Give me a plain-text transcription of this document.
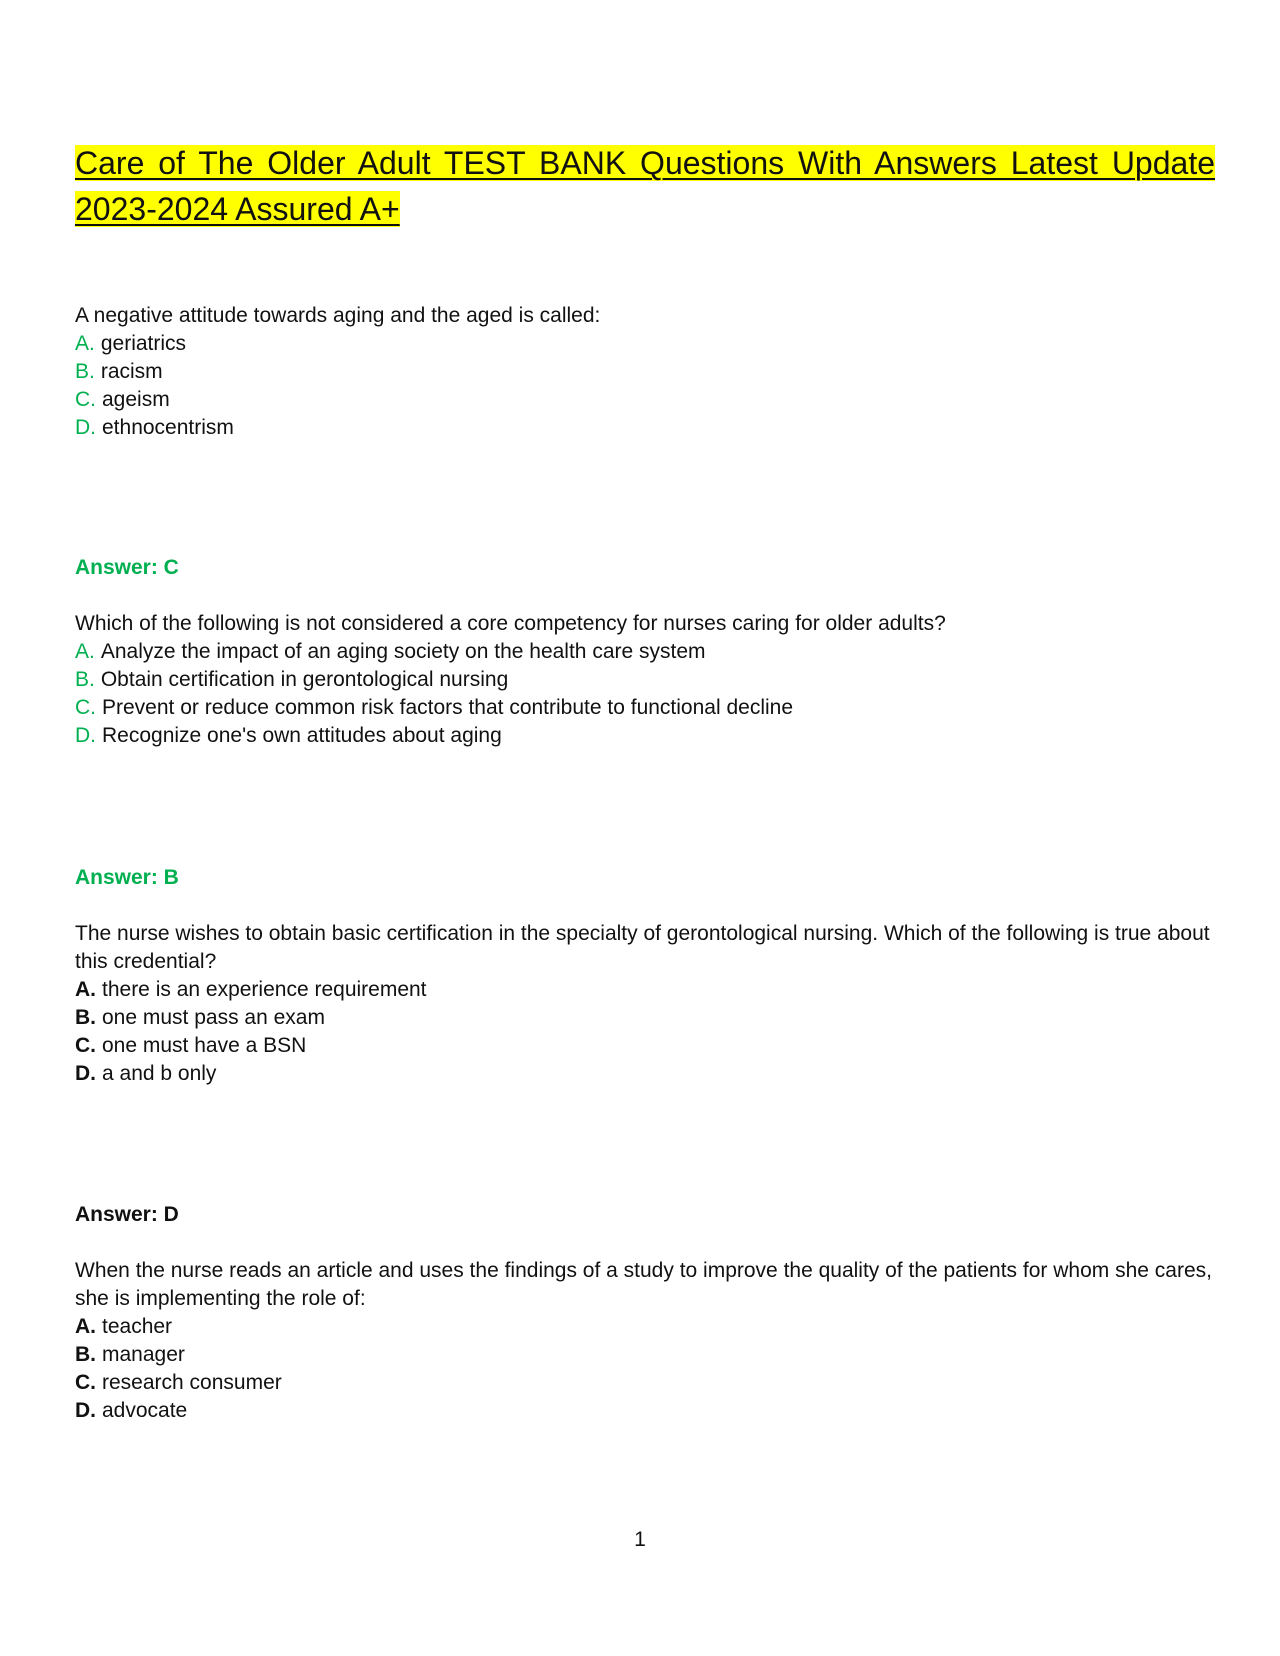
Care of The Older Adult TEST BANK Questions With Answers Latest Update 2023-2024 Assured A+

A negative attitude towards aging and the aged is called:

A. geriatrics

B. racism

C. ageism

D. ethnocentrism

Answer: C

Which of the following is not considered a core competency for nurses caring for older adults?

A. Analyze the impact of an aging society on the health care system

B. Obtain certification in gerontological nursing

C. Prevent or reduce common risk factors that contribute to functional decline

D. Recognize one's own attitudes about aging

Answer: B

The nurse wishes to obtain basic certification in the specialty of gerontological nursing. Which of the following is true about this credential?

A. there is an experience requirement

B. one must pass an exam

C. one must have a BSN

D. a and b only

Answer: D

When the nurse reads an article and uses the findings of a study to improve the quality of the patients for whom she cares, she is implementing the role of:

A. teacher

B. manager

C. research consumer

D. advocate

1
